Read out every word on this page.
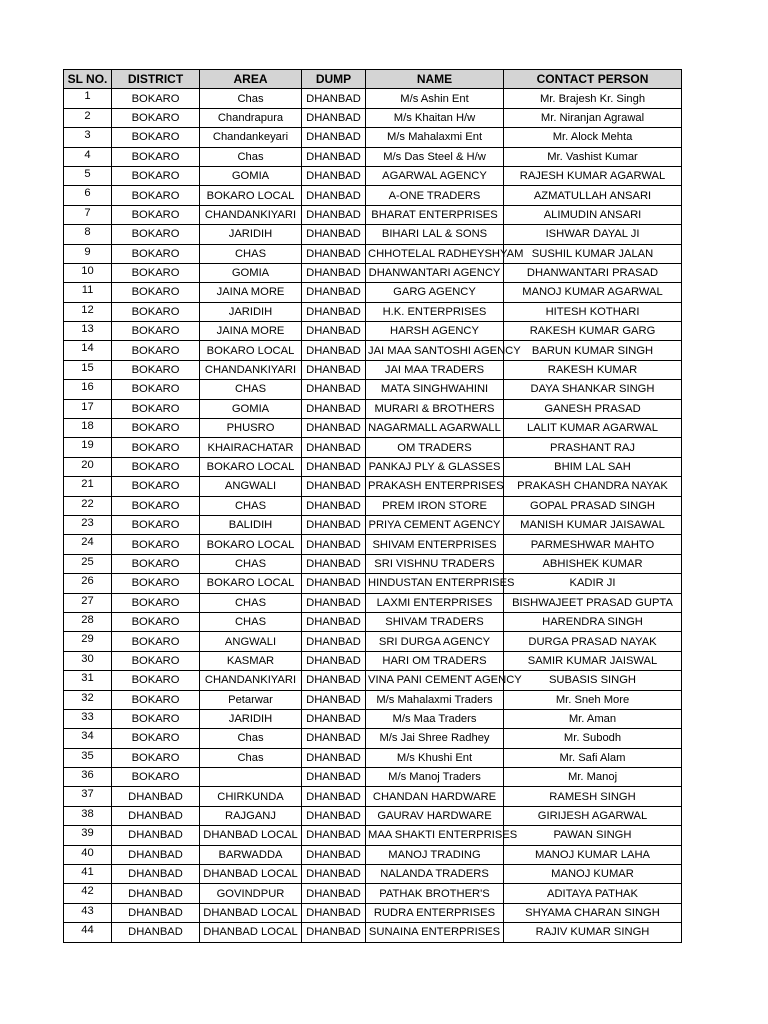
SL NO.	DISTRICT	AREA	DUMP	NAME	CONTACT PERSON
1	BOKARO	Chas	DHANBAD	M/s Ashin Ent	Mr. Brajesh Kr. Singh
2	BOKARO	Chandrapura	DHANBAD	M/s Khaitan H/w	Mr. Niranjan Agrawal
3	BOKARO	Chandankeyari	DHANBAD	M/s Mahalaxmi Ent	Mr. Alock Mehta
4	BOKARO	Chas	DHANBAD	M/s Das Steel & H/w	Mr. Vashist Kumar
5	BOKARO	GOMIA	DHANBAD	AGARWAL AGENCY	RAJESH KUMAR AGARWAL
6	BOKARO	BOKARO LOCAL	DHANBAD	A-ONE TRADERS	AZMATULLAH ANSARI
7	BOKARO	CHANDANKIYARI	DHANBAD	BHARAT ENTERPRISES	ALIMUDIN ANSARI
8	BOKARO	JARIDIH	DHANBAD	BIHARI LAL & SONS	ISHWAR DAYAL JI
9	BOKARO	CHAS	DHANBAD	CHHOTELAL RADHEYSHYAM	SUSHIL KUMAR JALAN
10	BOKARO	GOMIA	DHANBAD	DHANWANTARI AGENCY	DHANWANTARI PRASAD
11	BOKARO	JAINA MORE	DHANBAD	GARG AGENCY	MANOJ KUMAR AGARWAL
12	BOKARO	JARIDIH	DHANBAD	H.K. ENTERPRISES	HITESH KOTHARI
13	BOKARO	JAINA MORE	DHANBAD	HARSH AGENCY	RAKESH KUMAR GARG
14	BOKARO	BOKARO LOCAL	DHANBAD	JAI MAA SANTOSHI AGENCY	BARUN KUMAR SINGH
15	BOKARO	CHANDANKIYARI	DHANBAD	JAI MAA TRADERS	RAKESH KUMAR
16	BOKARO	CHAS	DHANBAD	MATA SINGHWAHINI	DAYA SHANKAR SINGH
17	BOKARO	GOMIA	DHANBAD	MURARI & BROTHERS	GANESH PRASAD
18	BOKARO	PHUSRO	DHANBAD	NAGARMALL AGARWALL	LALIT KUMAR AGARWAL
19	BOKARO	KHAIRACHATAR	DHANBAD	OM TRADERS	PRASHANT RAJ
20	BOKARO	BOKARO LOCAL	DHANBAD	PANKAJ PLY & GLASSES	BHIM LAL SAH
21	BOKARO	ANGWALI	DHANBAD	PRAKASH ENTERPRISES	PRAKASH CHANDRA NAYAK
22	BOKARO	CHAS	DHANBAD	PREM IRON STORE	GOPAL PRASAD SINGH
23	BOKARO	BALIDIH	DHANBAD	PRIYA CEMENT AGENCY	MANISH KUMAR JAISAWAL
24	BOKARO	BOKARO LOCAL	DHANBAD	SHIVAM ENTERPRISES	PARMESHWAR MAHTO
25	BOKARO	CHAS	DHANBAD	SRI VISHNU TRADERS	ABHISHEK KUMAR
26	BOKARO	BOKARO LOCAL	DHANBAD	HINDUSTAN ENTERPRISES	KADIR JI
27	BOKARO	CHAS	DHANBAD	LAXMI ENTERPRISES	BISHWAJEET PRASAD GUPTA
28	BOKARO	CHAS	DHANBAD	SHIVAM TRADERS	HARENDRA SINGH
29	BOKARO	ANGWALI	DHANBAD	SRI DURGA AGENCY	DURGA PRASAD NAYAK
30	BOKARO	KASMAR	DHANBAD	HARI OM TRADERS	SAMIR KUMAR JAISWAL
31	BOKARO	CHANDANKIYARI	DHANBAD	VINA PANI CEMENT AGENCY	SUBASIS SINGH
32	BOKARO	Petarwar	DHANBAD	M/s Mahalaxmi Traders	Mr. Sneh More
33	BOKARO	JARIDIH	DHANBAD	M/s Maa Traders	Mr. Aman
34	BOKARO	Chas	DHANBAD	M/s Jai Shree Radhey	Mr. Subodh
35	BOKARO	Chas	DHANBAD	M/s Khushi Ent	Mr. Safi Alam
36	BOKARO		DHANBAD	M/s Manoj Traders	Mr. Manoj
37	DHANBAD	CHIRKUNDA	DHANBAD	CHANDAN HARDWARE	RAMESH SINGH
38	DHANBAD	RAJGANJ	DHANBAD	GAURAV HARDWARE	GIRIJESH AGARWAL
39	DHANBAD	DHANBAD LOCAL	DHANBAD	MAA SHAKTI ENTERPRISES	PAWAN SINGH
40	DHANBAD	BARWADDA	DHANBAD	MANOJ TRADING	MANOJ KUMAR LAHA
41	DHANBAD	DHANBAD LOCAL	DHANBAD	NALANDA TRADERS	MANOJ KUMAR
42	DHANBAD	GOVINDPUR	DHANBAD	PATHAK BROTHER'S	ADITAYA PATHAK
43	DHANBAD	DHANBAD LOCAL	DHANBAD	RUDRA ENTERPRISES	SHYAMA CHARAN SINGH
44	DHANBAD	DHANBAD LOCAL	DHANBAD	SUNAINA ENTERPRISES	RAJIV KUMAR SINGH
